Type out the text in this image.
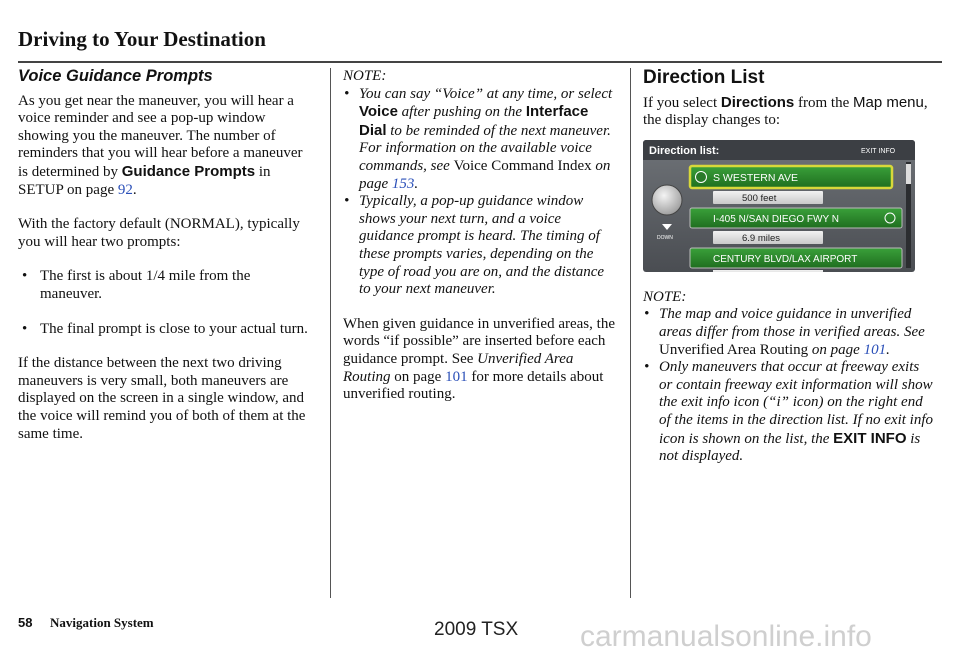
Driving to Your Destination
Voice Guidance Prompts

As you get near the maneuver, you will hear a voice reminder and see a pop-up window showing you the maneuver. The number of reminders that you will hear before a maneuver is determined by Guidance Prompts in SETUP on page 92.

With the factory default (NORMAL), typically you will hear two prompts:

• The first is about 1/4 mile from the maneuver.
• The final prompt is close to your actual turn.

If the distance between the next two driving maneuvers is very small, both maneuvers are displayed on the screen in a single window, and the voice will remind you of both of them at the same time.

NOTE:

• You can say “Voice” at any time, or select Voice after pushing on the Interface Dial to be reminded of the next maneuver. For information on the available voice commands, see Voice Command Index on page 153.
• Typically, a pop-up guidance window shows your next turn, and a voice guidance prompt is heard. The timing of these prompts varies, depending on the type of road you are on, and the distance to your next maneuver.

When given guidance in unverified areas, the words “if possible” are inserted before each guidance prompt. See Unverified Area Routing on page 101 for more details about unverified routing.

Direction List

If you select Directions from the Map menu, the display changes to:

Direction list:	EXIT INFO
DOWN
S WESTERN AVE
500 feet
I-405 N/SAN DIEGO FWY N
6.9 miles
CENTURY BLVD/LAX AIRPORT

NOTE:

• The map and voice guidance in unverified areas differ from those in verified areas. See Unverified Area Routing on page 101.
• Only maneuvers that occur at freeway exits or contain freeway exit information will show the exit info icon (“i” icon) on the right end of the items in the direction list. If no exit info icon is shown on the list, the EXIT INFO is not displayed.
58 Navigation System	2009 TSX carmanualsonline.info
